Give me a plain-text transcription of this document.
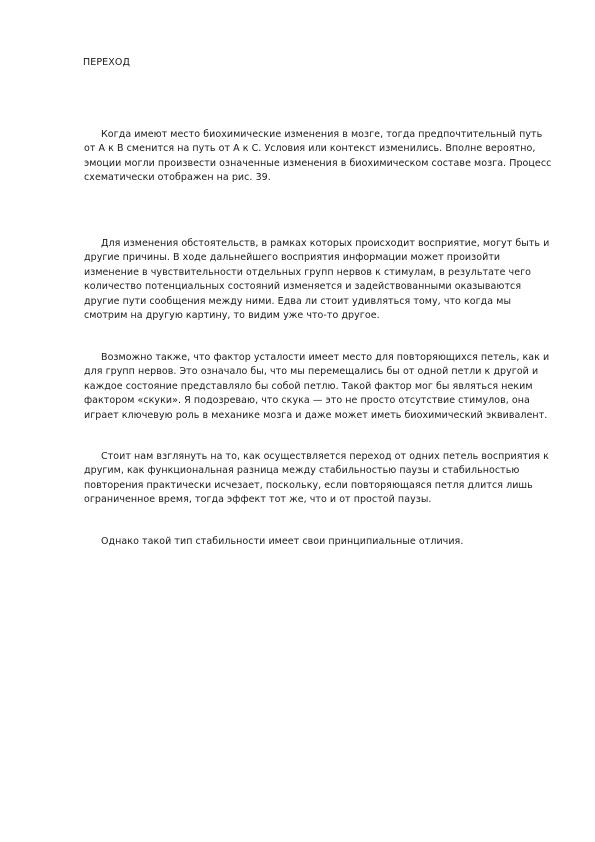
ПЕРЕХОД

Когда имеют место биохимические изменения в мозге, тогда предпочтительный путь от А к В сменится на путь от А к С. Условия или контекст изменились. Вполне вероятно, эмоции могли произвести означенные изменения в биохимическом составе мозга. Процесс схематически отображен на рис. 39.

Для изменения обстоятельств, в рамках которых происходит восприятие, могут быть и другие причины. В ходе дальнейшего восприятия информации может произойти изменение в чувствительности отдельных групп нервов к стимулам, в результате чего количество потенциальных состояний изменяется и задействованными оказываются другие пути сообщения между ними. Едва ли стоит удивляться тому, что когда мы смотрим на другую картину, то видим уже что-то другое.

Возможно также, что фактор усталости имеет место для повторяющихся петель, как и для групп нервов. Это означало бы, что мы перемещались бы от одной петли к другой и каждое состояние представляло бы собой петлю. Такой фактор мог бы являться неким фактором «скуки». Я подозреваю, что скука — это не просто отсутствие стимулов, она играет ключевую роль в механике мозга и даже может иметь биохимический эквивалент.

Стоит нам взглянуть на то, как осуществляется переход от одних петель восприятия к другим, как функциональная разница между стабильностью паузы и стабильностью повторения практически исчезает, поскольку, если повторяющаяся петля длится лишь ограниченное время, тогда эффект тот же, что и от простой паузы.

Однако такой тип стабильности имеет свои принципиальные отличия.
